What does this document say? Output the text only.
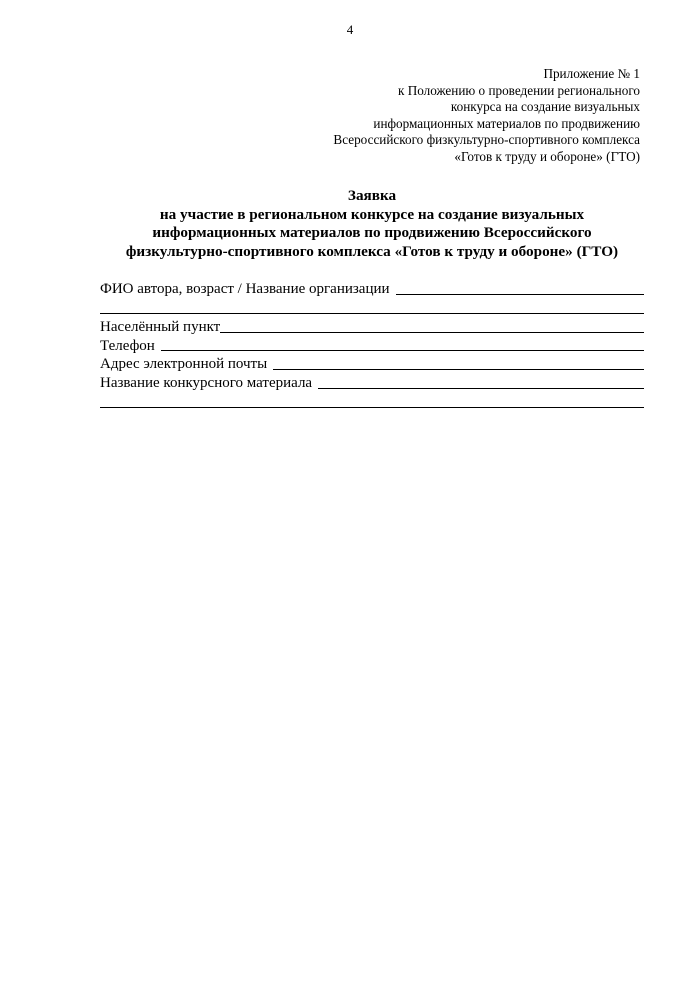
4
Приложение № 1
к Положению о проведении регионального
конкурса на создание визуальных
информационных материалов по продвижению
Всероссийского физкультурно-спортивного комплекса
«Готов к труду и обороне» (ГТО)
Заявка
на участие в региональном конкурсе на создание визуальных
информационных материалов по продвижению Всероссийского
физкультурно-спортивного комплекса «Готов к труду и обороне» (ГТО)
ФИО автора, возраст / Название организации
Населённый пункт
Телефон
Адрес электронной почты
Название конкурсного материала
